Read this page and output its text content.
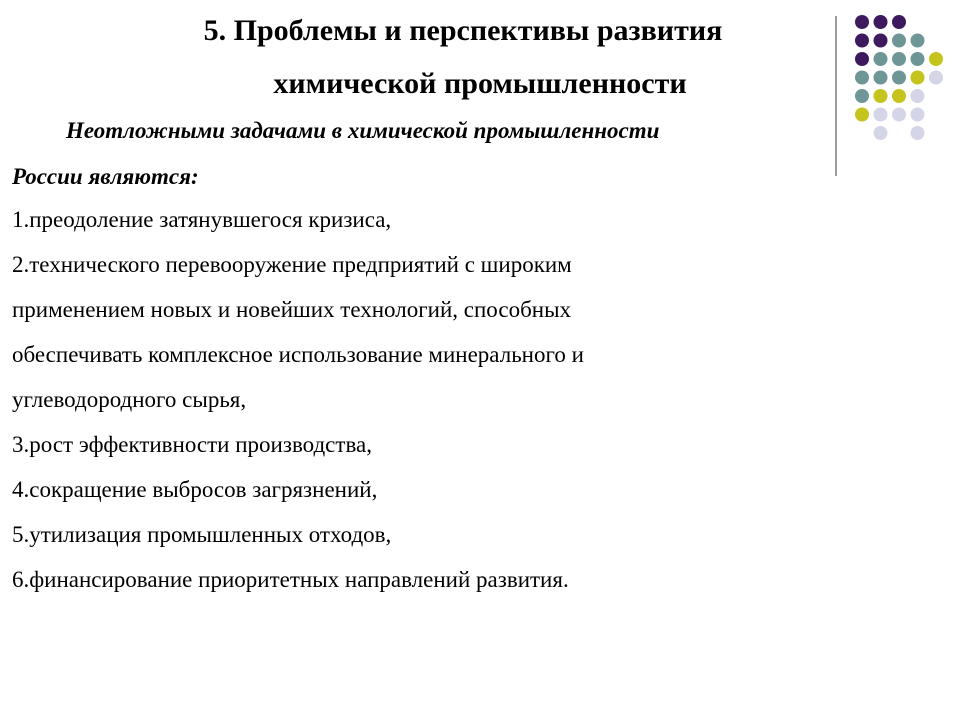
5. Проблемы и перспективы развития
химической промышленности
Неотложными задачами в химической промышленности
России являются:
1.преодоление затянувшегося кризиса,
2.технического перевооружение предприятий с широким
применением новых и новейших технологий, способных
обеспечивать комплексное использование минерального и
углеводородного сырья,
3.рост эффективности производства,
4.сокращение выбросов загрязнений,
5.утилизация промышленных отходов,
6.финансирование приоритетных направлений развития.
